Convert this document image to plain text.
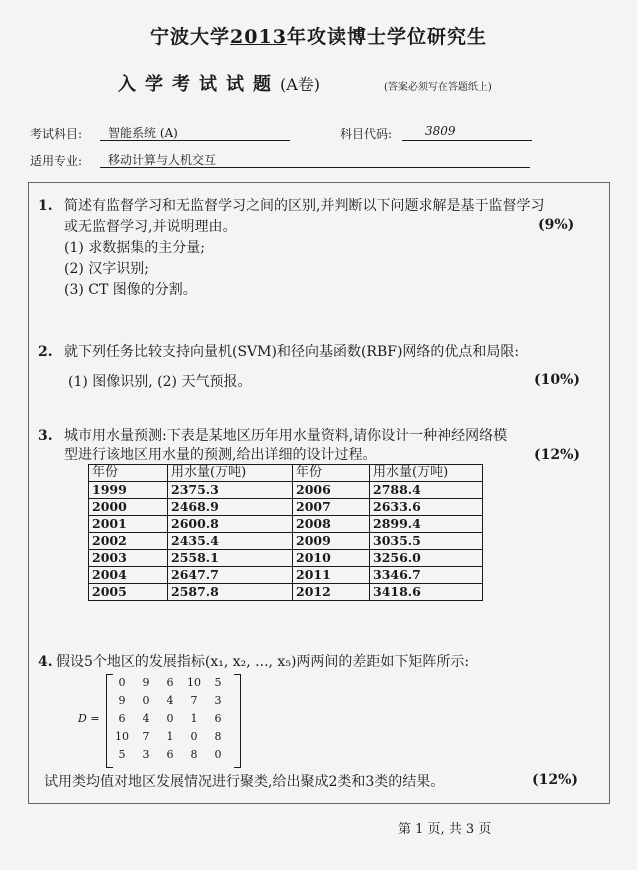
宁波大学2013年攻读博士学位研究生
入学考试试题(A卷)	(答案必须写在答题纸上)
考试科目: 智能系统 (A)	科目代码:	3809
适用专业: 移动计算与人机交互
1. 简述有监督学习和无监督学习之间的区别,并判断以下问题求解是基于监督学习
或无监督学习,并说明理由。	(9%)
(1) 求数据集的主分量;
(2) 汉字识别;
(3) CT 图像的分割。
2. 就下列任务比较支持向量机(SVM)和径向基函数(RBF)网络的优点和局限:
(1) 图像识别, (2) 天气预报。	(10%)
3. 城市用水量预测:下表是某地区历年用水量资料,请你设计一种神经网络模
型进行该地区用水量的预测,给出详细的设计过程。	(12%)
年份	用水量(万吨)	年份	用水量(万吨)
1999	2375.3	2006	2788.4
2000	2468.9	2007	2633.6
2001	2600.8	2008	2899.4
2002	2435.4	2009	3035.5
2003	2558.1	2010	3256.0
2004	2647.7	2011	3346.7
2005	2587.8	2012	3418.6
4. 假设5个地区的发展指标(x₁, x₂, ..., x₅)两两间的差距如下矩阵所示:
D =
0	9	6	10	5
9	0	4	7	3
6	4	0	1	6
10	7	1	0	8
5	3	6	8	0
试用类均值对地区发展情况进行聚类,给出聚成2类和3类的结果。	(12%)
第 1 页, 共 3 页
